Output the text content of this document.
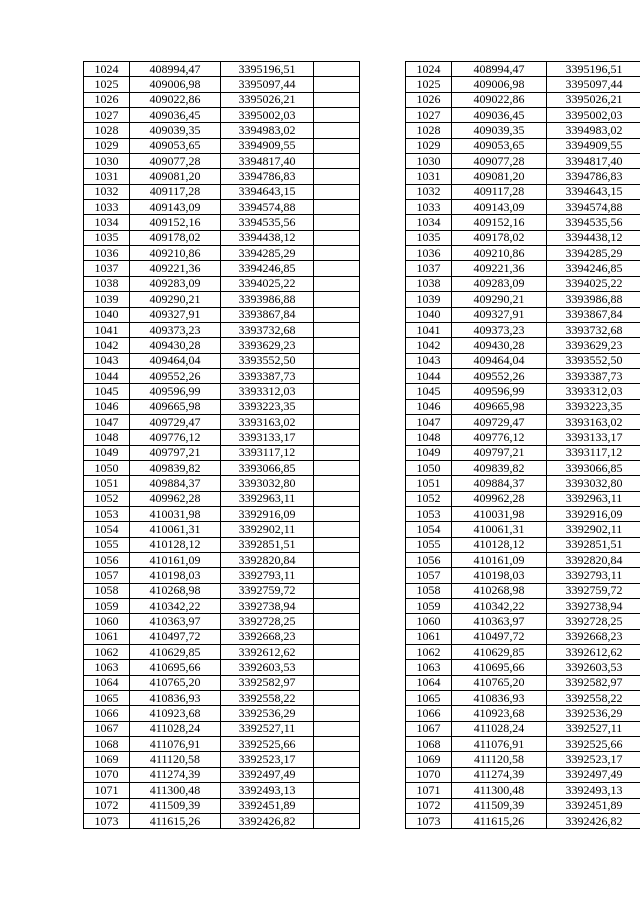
1024	408994,47	3395196,51			1024	408994,47	3395196,51
1025	409006,98	3395097,44			1025	409006,98	3395097,44
1026	409022,86	3395026,21			1026	409022,86	3395026,21
1027	409036,45	3395002,03			1027	409036,45	3395002,03
1028	409039,35	3394983,02			1028	409039,35	3394983,02
1029	409053,65	3394909,55			1029	409053,65	3394909,55
1030	409077,28	3394817,40			1030	409077,28	3394817,40
1031	409081,20	3394786,83			1031	409081,20	3394786,83
1032	409117,28	3394643,15			1032	409117,28	3394643,15
1033	409143,09	3394574,88			1033	409143,09	3394574,88
1034	409152,16	3394535,56			1034	409152,16	3394535,56
1035	409178,02	3394438,12			1035	409178,02	3394438,12
1036	409210,86	3394285,29			1036	409210,86	3394285,29
1037	409221,36	3394246,85			1037	409221,36	3394246,85
1038	409283,09	3394025,22			1038	409283,09	3394025,22
1039	409290,21	3393986,88			1039	409290,21	3393986,88
1040	409327,91	3393867,84			1040	409327,91	3393867,84
1041	409373,23	3393732,68			1041	409373,23	3393732,68
1042	409430,28	3393629,23			1042	409430,28	3393629,23
1043	409464,04	3393552,50			1043	409464,04	3393552,50
1044	409552,26	3393387,73			1044	409552,26	3393387,73
1045	409596,99	3393312,03			1045	409596,99	3393312,03
1046	409665,98	3393223,35			1046	409665,98	3393223,35
1047	409729,47	3393163,02			1047	409729,47	3393163,02
1048	409776,12	3393133,17			1048	409776,12	3393133,17
1049	409797,21	3393117,12			1049	409797,21	3393117,12
1050	409839,82	3393066,85			1050	409839,82	3393066,85
1051	409884,37	3393032,80			1051	409884,37	3393032,80
1052	409962,28	3392963,11			1052	409962,28	3392963,11
1053	410031,98	3392916,09			1053	410031,98	3392916,09
1054	410061,31	3392902,11			1054	410061,31	3392902,11
1055	410128,12	3392851,51			1055	410128,12	3392851,51
1056	410161,09	3392820,84			1056	410161,09	3392820,84
1057	410198,03	3392793,11			1057	410198,03	3392793,11
1058	410268,98	3392759,72			1058	410268,98	3392759,72
1059	410342,22	3392738,94			1059	410342,22	3392738,94
1060	410363,97	3392728,25			1060	410363,97	3392728,25
1061	410497,72	3392668,23			1061	410497,72	3392668,23
1062	410629,85	3392612,62			1062	410629,85	3392612,62
1063	410695,66	3392603,53			1063	410695,66	3392603,53
1064	410765,20	3392582,97			1064	410765,20	3392582,97
1065	410836,93	3392558,22			1065	410836,93	3392558,22
1066	410923,68	3392536,29			1066	410923,68	3392536,29
1067	411028,24	3392527,11			1067	411028,24	3392527,11
1068	411076,91	3392525,66			1068	411076,91	3392525,66
1069	411120,58	3392523,17			1069	411120,58	3392523,17
1070	411274,39	3392497,49			1070	411274,39	3392497,49
1071	411300,48	3392493,13			1071	411300,48	3392493,13
1072	411509,39	3392451,89			1072	411509,39	3392451,89
1073	411615,26	3392426,82			1073	411615,26	3392426,82
